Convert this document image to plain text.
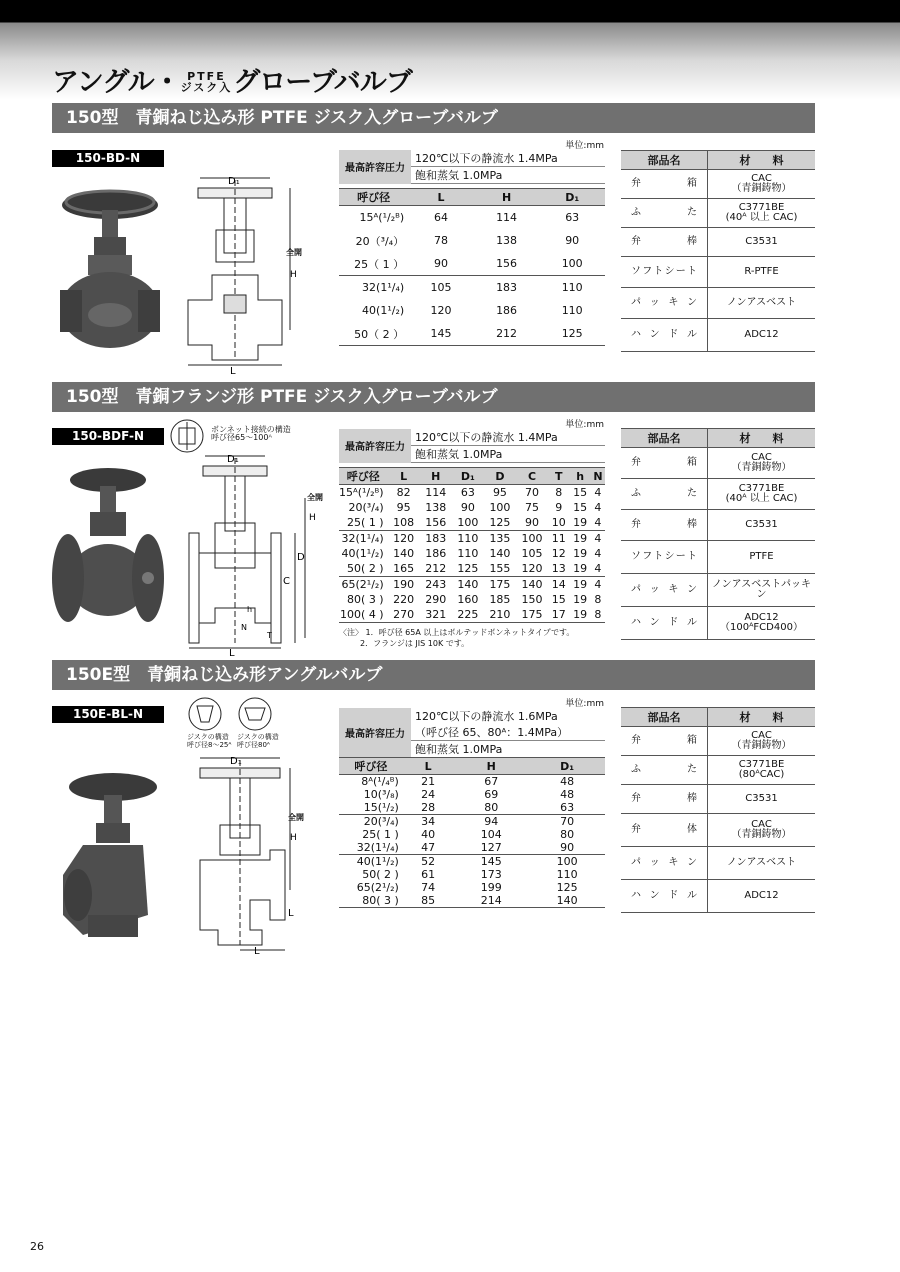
アングル・ PTFE
ジスク入グローブバルブ
150型　青銅ねじ込み形 PTFE ジスク入グローブバルブ
150-BD-N
D₁
全開
H
L
単位:mm
最高許容圧力	120℃以下の静流水 1.4MPa
飽和蒸気 1.0MPa
呼び径	L	H	D₁
15ᴬ(¹/₂ᴮ)	64	114	63
20（³/₄）	78	138	90
25（ 1 ）	90	156	100
32(1¹/₄)	105	183	110
40(1¹/₂)	120	186	110
50（ 2 ）	145	212	125
部品名	材　　料
弁箱	CAC
（青銅鋳物）
ふた	C3771BE
(40ᴬ 以上 CAC)
弁棒	C3531
ソフトシート	R-PTFE
パッキン	ノンアスベスト
ハンドル	ADC12
150型　青銅フランジ形 PTFE ジスク入グローブバルブ
150-BDF-N	ボンネット接続の構造
呼び径65～100ᴬ
D₁
全開
H
D
C
h
N
T
L
単位:mm
最高許容圧力	120℃以下の静流水 1.4MPa
飽和蒸気 1.0MPa
呼び径	L	H	D₁	D	C	T	h	N
15ᴬ(¹/₂ᴮ)	82	114	63	95	70	8	15	4
20(³/₄)	95	138	90	100	75	9	15	4
25( 1 )	108	156	100	125	90	10	19	4
32(1¹/₄)	120	183	110	135	100	11	19	4
40(1¹/₂)	140	186	110	140	105	12	19	4
50( 2 )	165	212	125	155	120	13	19	4
65(2¹/₂)	190	243	140	175	140	14	19	4
80( 3 )	220	290	160	185	150	15	19	8
100( 4 )	270	321	225	210	175	17	19	8
〈注〉 1．呼び径 65A 以上はボルテッドボンネットタイプです。
2．フランジは JIS 10K です。
部品名	材　　料
弁箱	CAC
（青銅鋳物）
ふた	C3771BE
(40ᴬ 以上 CAC)
弁棒	C3531
ソフトシート	PTFE
パッキン	ノンアスベストパッキン
ハンドル	ADC12
（100ᴬFCD400）
150E型　青銅ねじ込み形アングルバルブ
150E-BL-N
ジスクの構造
呼び径8～25ᴬ
ジスクの構造
呼び径80ᴬ
D₁
全開
H
L
L
単位:mm
最高許容圧力	120℃以下の静流水 1.6MPa
（呼び径 65、80ᴬ：1.4MPa）
飽和蒸気 1.0MPa
呼び径	L	H	D₁
8ᴬ(¹/₄ᴮ)	21	67	48
10(³/₈)	24	69	48
15(¹/₂)	28	80	63
20(³/₄)	34	94	70
25( 1 )	40	104	80
32(1¹/₄)	47	127	90
40(1¹/₂)	52	145	100
50( 2 )	61	173	110
65(2¹/₂)	74	199	125
80( 3 )	85	214	140
部品名	材　　料
弁箱	CAC
（青銅鋳物）
ふた	C3771BE
(80ᴬCAC)
弁棒	C3531
弁体	CAC
（青銅鋳物）
パッキン	ノンアスベスト
ハンドル	ADC12
26
